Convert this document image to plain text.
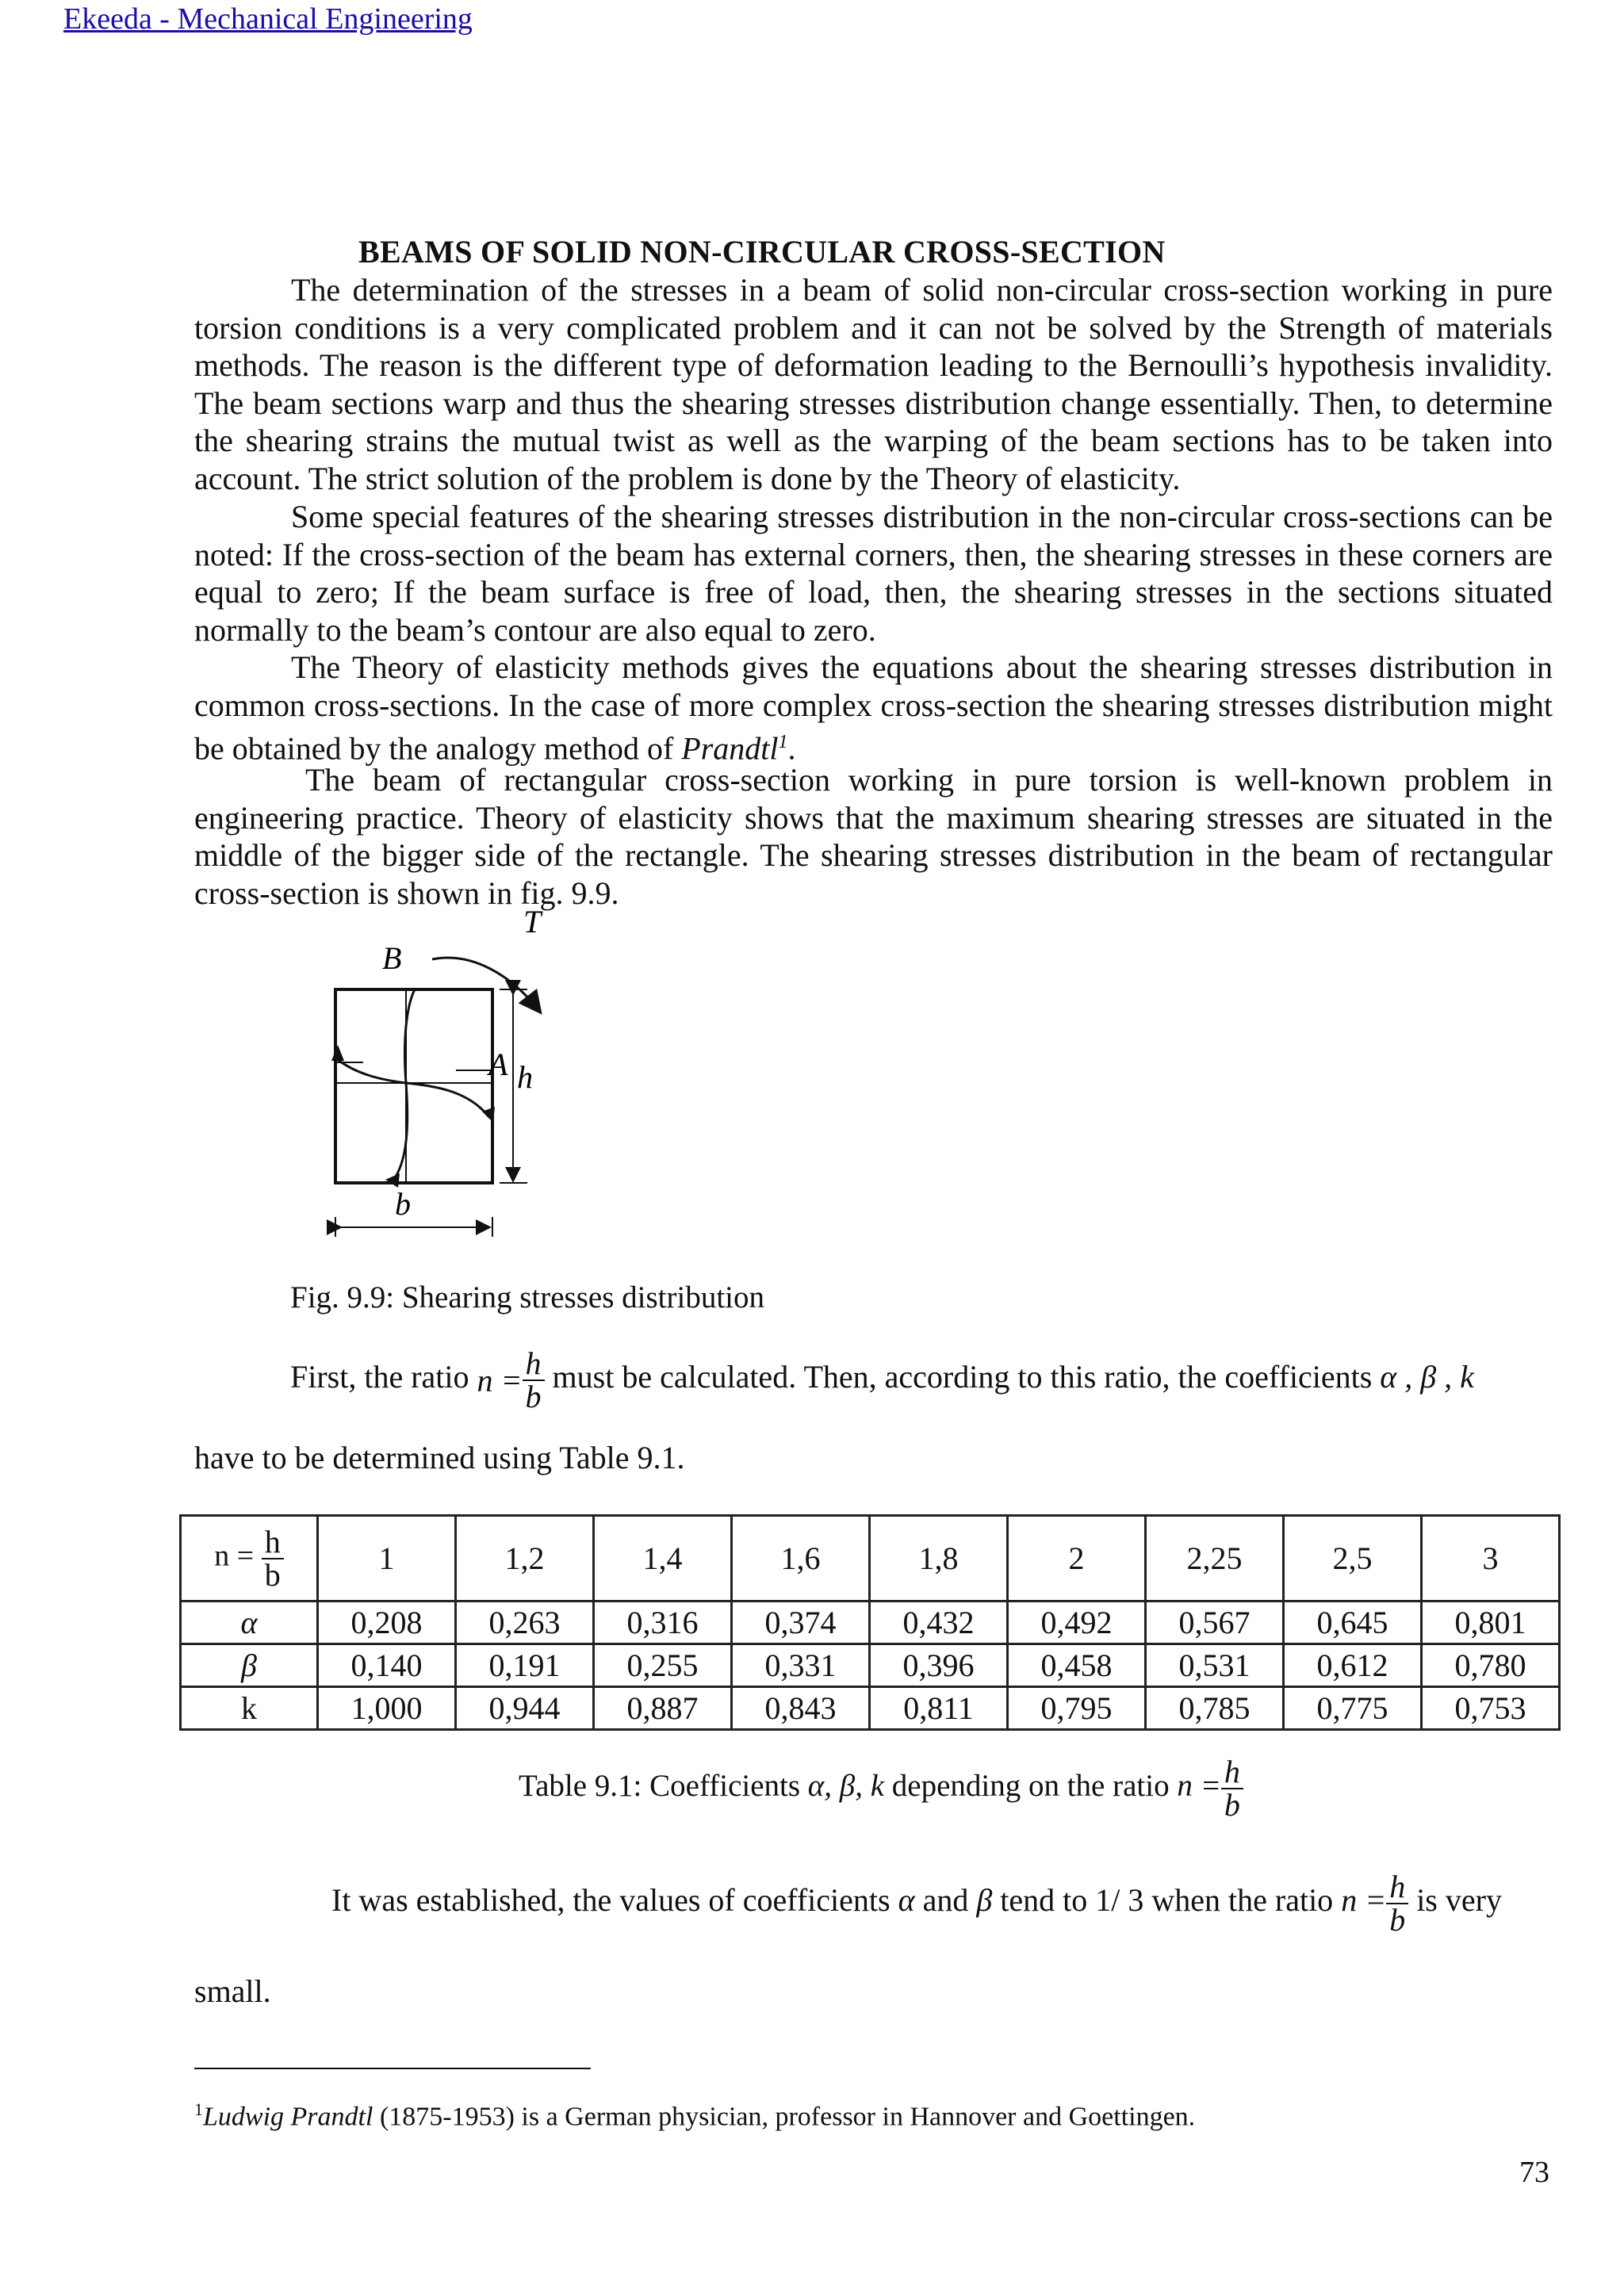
Ekeeda - Mechanical Engineering
BEAMS OF SOLID NON-CIRCULAR CROSS-SECTION
The determination of the stresses in a beam of solid non-circular cross-section working in pure torsion conditions is a very complicated problem and it can not be solved by the Strength of materials methods. The reason is the different type of deformation leading to the Bernoulli’s hypothesis invalidity. The beam sections warp and thus the shearing stresses distribution change essentially. Then, to determine the shearing strains the mutual twist as well as the warping of the beam sections has to be taken into account. The strict solution of the problem is done by the Theory of elasticity.
Some special features of the shearing stresses distribution in the non-circular cross-sections can be noted: If the cross-section of the beam has external corners, then, the shearing stresses in these corners are equal to zero; If the beam surface is free of load, then, the shearing stresses in the sections situated normally to the beam’s contour are also equal to zero.
The Theory of elasticity methods gives the equations about the shearing stresses distribution in common cross-sections. In the case of more complex cross-section the shearing stresses distribution might be obtained by the analogy method of Prandtl$^1$.
The beam of rectangular cross-section working in pure torsion is well-known problem in engineering practice. Theory of elasticity shows that the maximum shearing stresses are situated in the middle of the bigger side of the rectangle. The shearing stresses distribution in the beam of rectangular cross-section is shown in fig. 9.9.
T
B
A h
b
Fig. 9.9: Shearing stresses distribution
First, the ratio $n = \frac{h}{b}$ must be calculated. Then, according to this ratio, the coefficients α , β , k
have to be determined using Table 9.1.
$n = \frac{h}{b}$	1	1,2	1,4	1,6	1,8	2	2,25	2,5	3
α	0,208	0,263	0,316	0,374	0,432	0,492	0,567	0,645	0,801
β	0,140	0,191	0,255	0,331	0,396	0,458	0,531	0,612	0,780
k	1,000	0,944	0,887	0,843	0,811	0,795	0,785	0,775	0,753
Table 9.1: Coefficients α, β, k depending on the ratio $n = \frac{h}{b}$
It was established, the values of coefficients α and β tend to 1/ 3 when the ratio $n = \frac{h}{b}$ is very
small.
$^1$Ludwig Prandtl (1875-1953) is a German physician, professor in Hannover and Goettingen.
73
